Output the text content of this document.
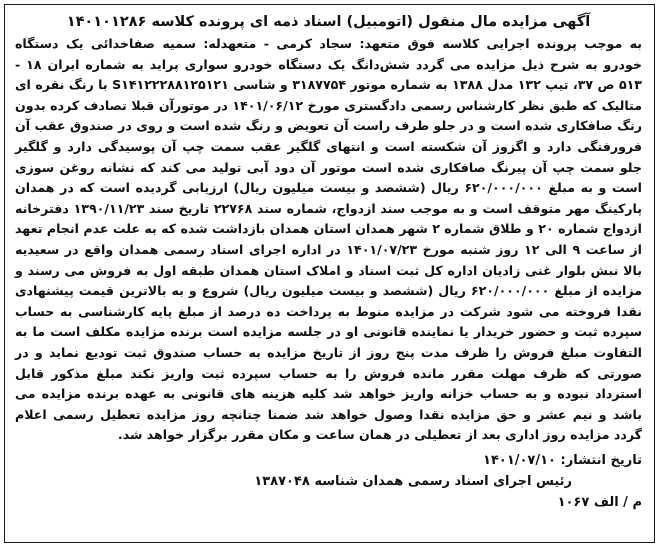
آگهی مزایده مال منقول (اتومبیل) اسناد ذمه ای پرونده کلاسه ۱۴۰۱۰۱۲۸۶

به موجب پرونده اجرایی کلاسه فوق متعهد: سجاد کرمی - متعهدله: سمیه صفاخدائی یک دستگاه خودرو به شرح ذیل مزایده می گردد شش‌دانگ یک دستگاه خودرو سواری پراید به شماره ایران ۱۸ - ۵۱۳ ص ۳۷، تیپ ۱۳۲ مدل ۱۳۸۸ به شماره موتور ۳۱۸۷۷۵۴ و شاسی S۱۴۱۲۲۲۸۸۱۲۵۱۲۱ با رنگ نقره ای متالیک که طبق نظر کارشناس رسمی دادگستری مورخ ۱۴۰۱/۰۶/۱۲ در موتورآن قبلا تصادف کرده بدون رنگ صافکاری شده است و در جلو طرف راست آن تعویض و رنگ شده است و روی در صندوق عقب آن فرورفتگی دارد و اگزوز آن شکسته است و انتهای گلگیر عقب سمت چپ آن پوسیدگی دارد و گلگیر جلو سمت چپ آن پیرنگ صافکاری شده است موتور آن دود آبی تولید می کند که نشانه روغن سوزی است و به مبلغ ۶۲۰/۰۰۰/۰۰۰ ریال (ششصد و بیست میلیون ریال) ارزیابی گردیده است که در همدان پارکینگ مهر متوقف است و به موجب سند ازدواج، شماره سند ۲۲۷۶۸ تاریخ سند ۱۳۹۰/۱۱/۲۳ دفترخانه ازدواج شماره ۲۰ و طلاق شماره ۲ شهر همدان استان همدان بازداشت شده که به علت عدم انجام تعهد از ساعت ۹ الی ۱۲ روز شنبه مورخ ۱۴۰۱/۰۷/۲۳ در اداره اجرای اسناد رسمی همدان واقع در سعیدیه بالا نبش بلوار غنی زادیان اداره کل ثبت اسناد و املاک استان همدان طبقه اول به فروش می رسند و مزایده از مبلغ ۶۲۰/۰۰۰/۰۰۰ ریال (ششصد و بیست میلیون ریال) شروع و به بالاترین قیمت پیشنهادی نقدا فروخته می شود شرکت در مزایده منوط به پرداخت ده درصد از مبلغ پایه کارشناسی به حساب سپرده ثبت و حضور خریدار یا نماینده قانونی او در جلسه مزایده است برنده مزایده مکلف است ما به التفاوت مبلغ فروش را ظرف مدت پنج روز از تاریخ مزایده به حساب صندوق ثبت تودیع نماید و در صورتی که ظرف مهلت مقرر مانده فروش را به حساب سپرده ثبت واریز نکند مبلغ مذکور قابل استرداد نبوده و به حساب خزانه واریز خواهد شد کلیه هزینه های قانونی به عهده برنده مزایده می باشد و نیم عشر و حق مزایده نقدا وصول خواهد شد ضمنا چنانچه روز مزایده تعطیل رسمی اعلام گردد مزایده روز اداری بعد از تعطیلی در همان ساعت و مکان مقرر برگزار خواهد شد.

تاریخ انتشار: ۱۴۰۱/۰۷/۱۰
رئیس اجرای اسناد رسمی همدان شناسه ۱۳۸۷۰۴۸
م / الف ۱۰۶۷
